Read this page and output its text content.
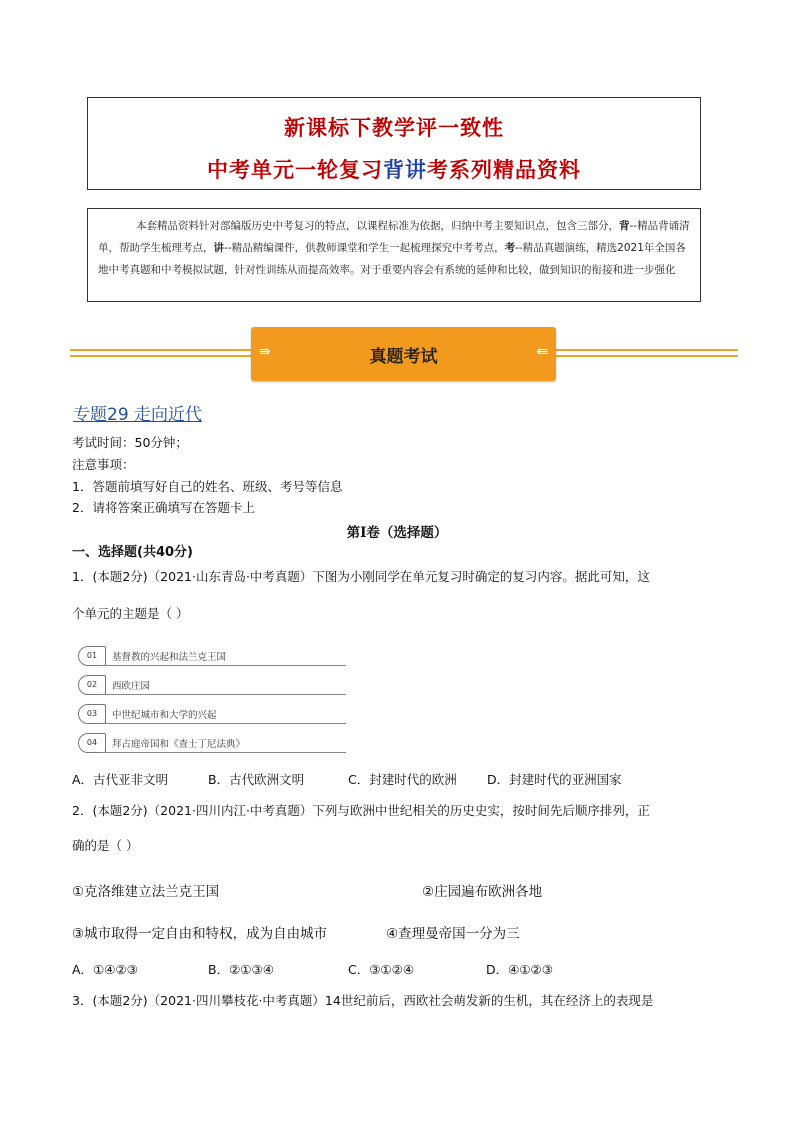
新课标下教学评一致性
中考单元一轮复习背讲考系列精品资料
本套精品资料针对部编版历史中考复习的特点，以课程标准为依据，归纳中考主要知识点，包含三部分，背--精品背诵清单，帮助学生梳理考点，讲--精品精编课件，供教师课堂和学生一起梳理探究中考考点，考--精品真题演练，精选2021年全国各地中考真题和中考模拟试题，针对性训练从而提高效率。对于重要内容会有系统的延伸和比较，做到知识的衔接和进一步强化
⇛	真题考试	⇚
专题29 走向近代
考试时间：50分钟；
注意事项：
1．答题前填写好自己的姓名、班级、考号等信息
2．请将答案正确填写在答题卡上
第I卷（选择题）
一、选择题(共40分)
1．(本题2分)（2021·山东青岛·中考真题）下图为小刚同学在单元复习时确定的复习内容。据此可知，这
个单元的主题是（ ）
01	基督教的兴起和法兰克王国
02	西欧庄园
03	中世纪城市和大学的兴起
04	拜占庭帝国和《查士丁尼法典》
A．古代亚非文明	B．古代欧洲文明	C．封建时代的欧洲 D．封建时代的亚洲国家
2．(本题2分)（2021·四川内江·中考真题）下列与欧洲中世纪相关的历史史实，按时间先后顺序排列，正
确的是（ ）
①克洛维建立法兰克王国	②庄园遍布欧洲各地
③城市取得一定自由和特权，成为自由城市	④查理曼帝国一分为三
A．①④②③	B．②①③④	C．③①②④	D．④①②③
3．(本题2分)（2021·四川攀枝花·中考真题）14世纪前后，西欧社会萌发新的生机，其在经济上的表现是
